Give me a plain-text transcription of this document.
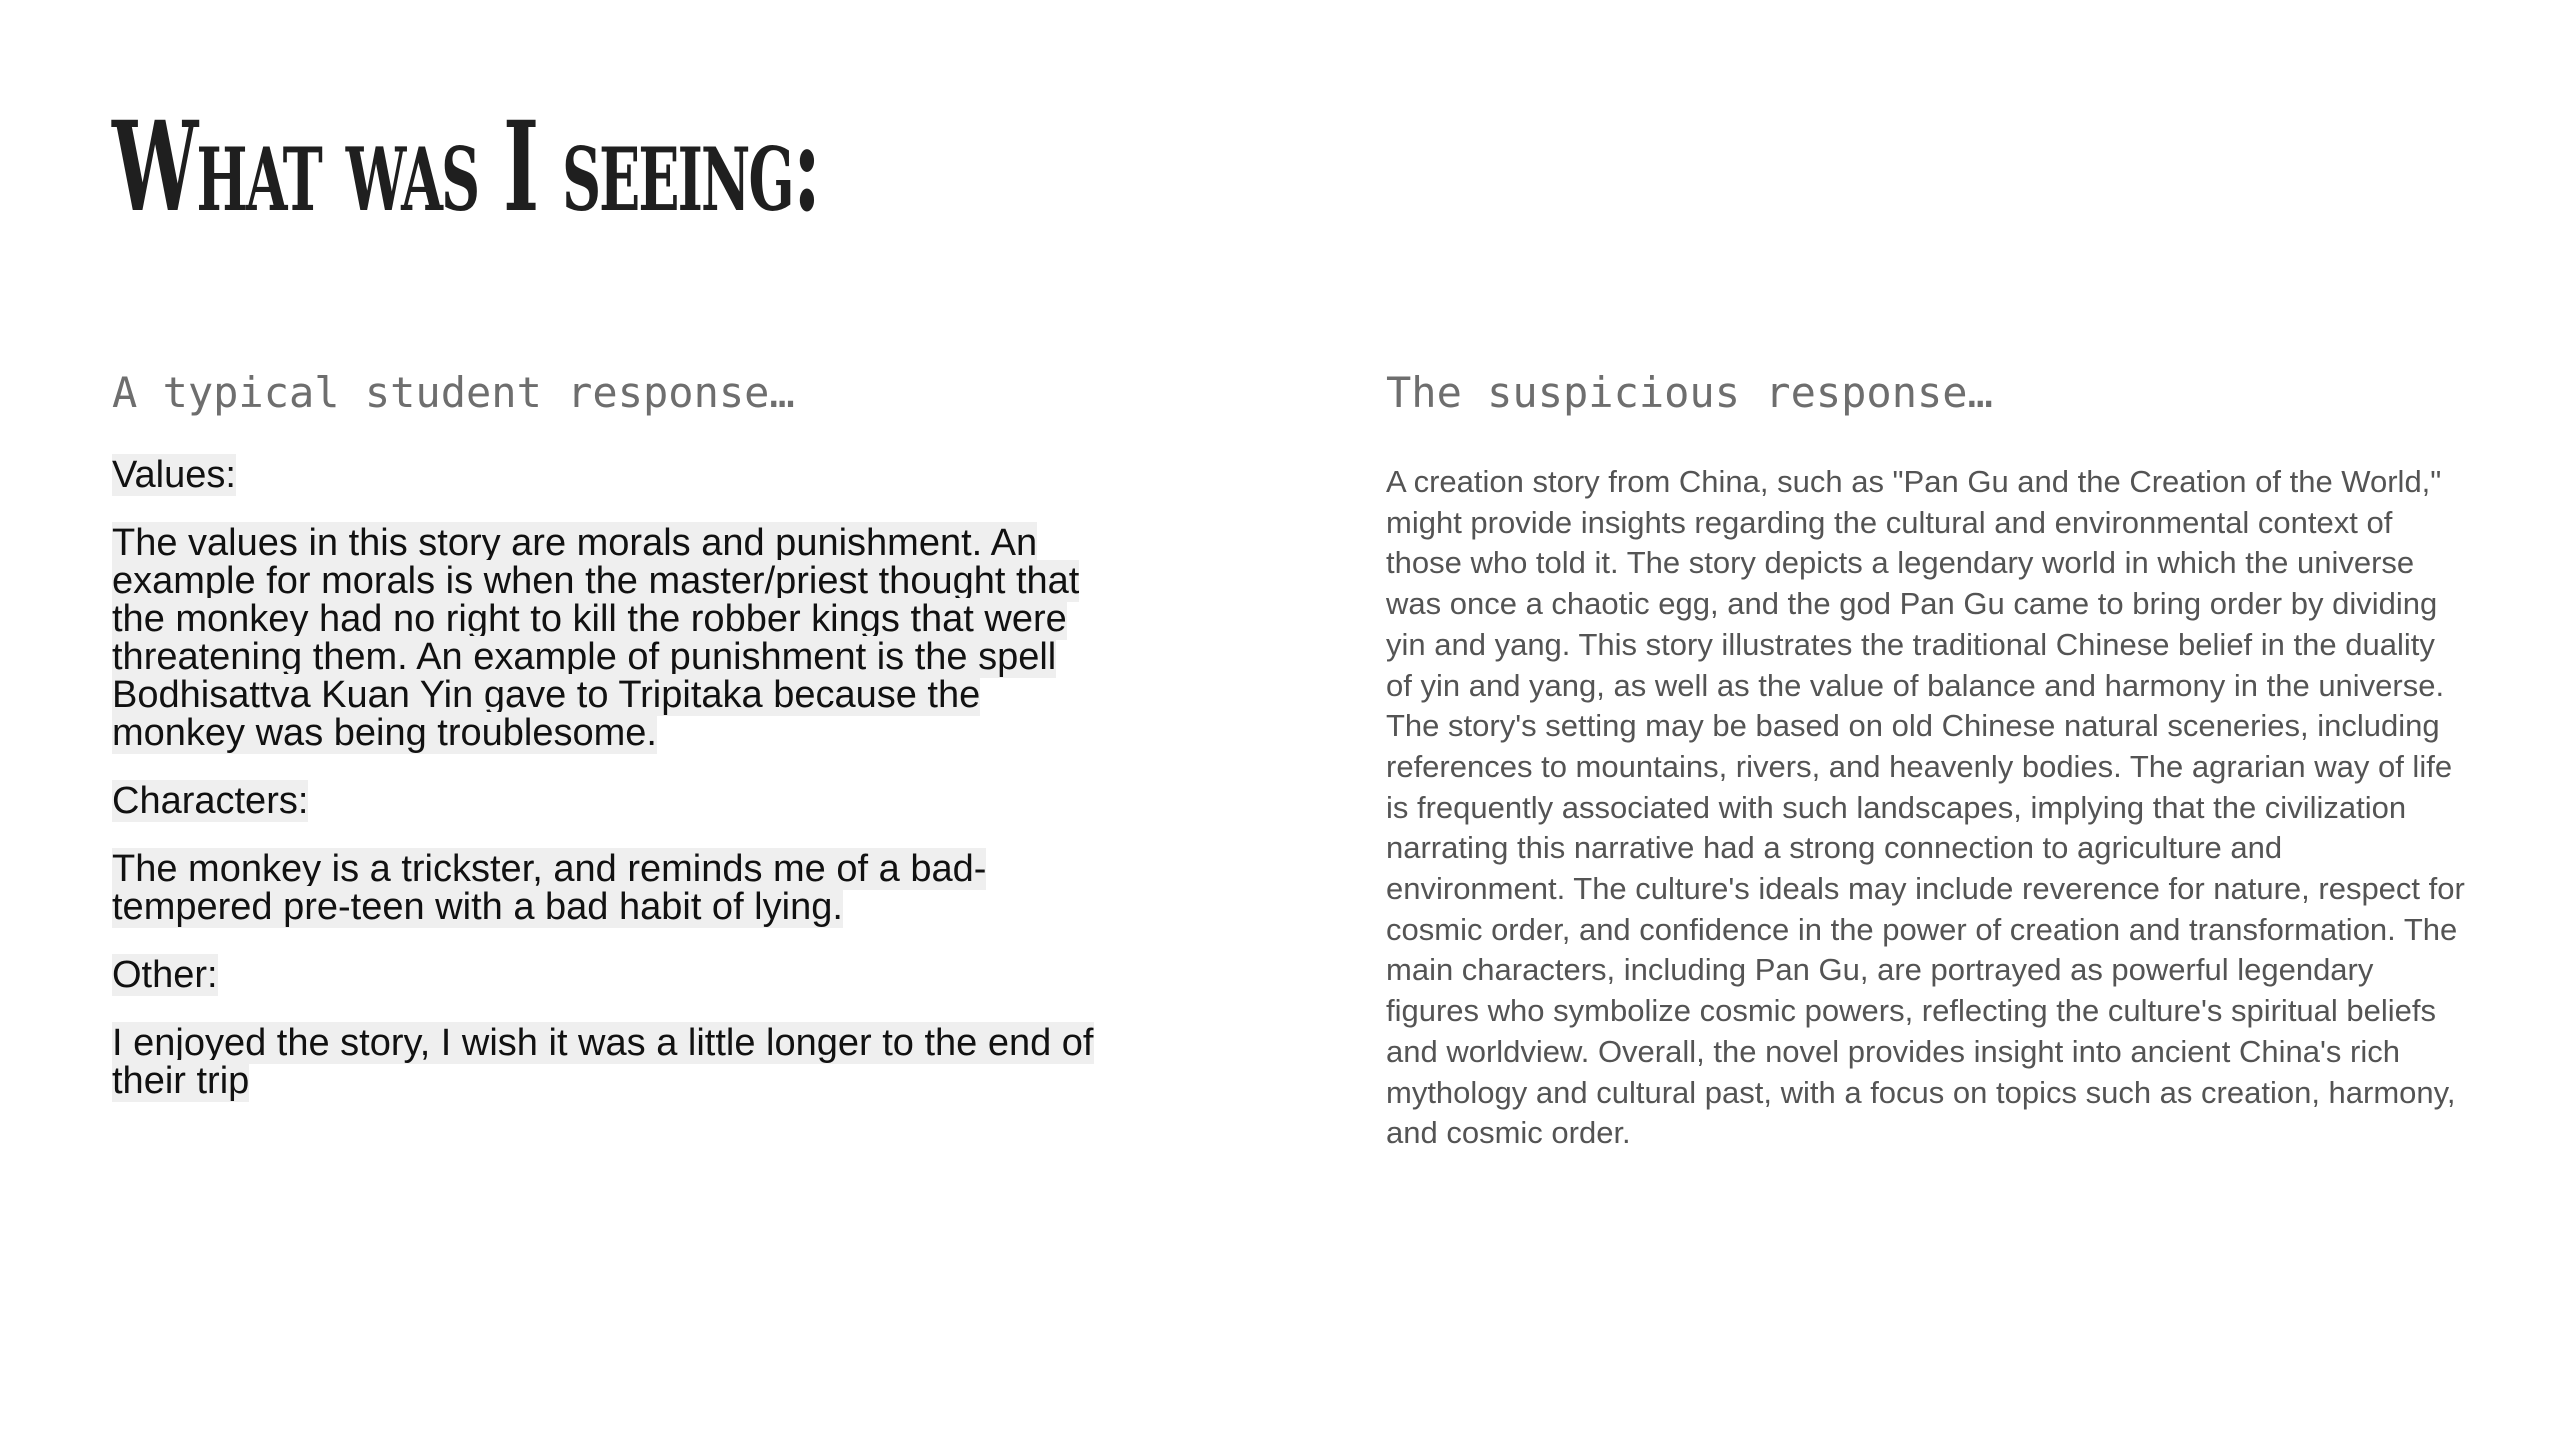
What was I seeing:
A typical student response…

Values:

The values in this story are morals and punishment. An example for morals is when the master/priest thought that the monkey had no right to kill the robber kings that were threatening them. An example of punishment is the spell Bodhisattva Kuan Yin gave to Tripitaka because the monkey was being troublesome.

Characters:

The monkey is a trickster, and reminds me of a bad-tempered pre-teen with a bad habit of lying.

Other:

I enjoyed the story, I wish it was a little longer to the end of their trip

The suspicious response…

A creation story from China, such as "Pan Gu and the Creation of the World," might provide insights regarding the cultural and environmental context of those who told it. The story depicts a legendary world in which the universe was once a chaotic egg, and the god Pan Gu came to bring order by dividing yin and yang. This story illustrates the traditional Chinese belief in the duality of yin and yang, as well as the value of balance and harmony in the universe. The story's setting may be based on old Chinese natural sceneries, including references to mountains, rivers, and heavenly bodies. The agrarian way of life is frequently associated with such landscapes, implying that the civilization narrating this narrative had a strong connection to agriculture and environment. The culture's ideals may include reverence for nature, respect for cosmic order, and confidence in the power of creation and transformation. The main characters, including Pan Gu, are portrayed as powerful legendary figures who symbolize cosmic powers, reflecting the culture's spiritual beliefs and worldview. Overall, the novel provides insight into ancient China's rich mythology and cultural past, with a focus on topics such as creation, harmony, and cosmic order.
